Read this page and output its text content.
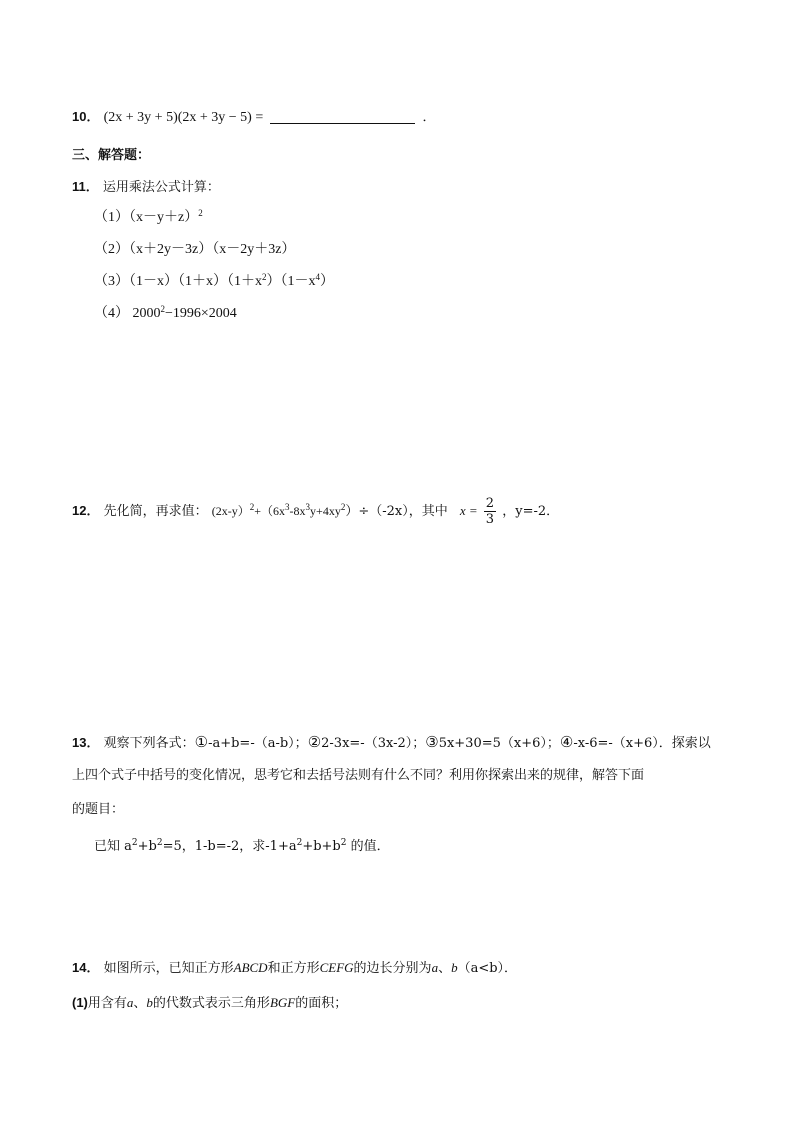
10． (2x + 3y + 5)(2x + 3y − 5) =	．
三、解答题：
11． 运用乘法公式计算：
$(1)(x-y+z)^2$
（2）（x＋2y－3z）（x－2y＋3z）
$(3)(1-x)(1+x)(1+x^2)(1-x^4)$
（4） $2000^2-1996\times 2004$
12． 先化简，再求值： $(2x-y)^2+(6x^3-8x^3y+4xy^2)\div(-2x)$，其中 $x = \frac{2}{3}$ ，y=-2．
13． 观察下列各式：①-a+b=-（a-b）；②2-3x=-（3x-2）；③5x+30=5（x+6）；④-x-6=-（x+6）．探索以
上四个式子中括号的变化情况，思考它和去括号法则有什么不同？利用你探索出来的规律，解答下面
的题目：
已知 $a^2+b^2=5$，1-b=-2，求$-1+a^2+b+b^2$ 的值．
14． 如图所示，已知正方形ABCD和正方形CEFG的边长分别为a、b（a<b）．
(1)用含有a、b的代数式表示三角形BGF的面积；
